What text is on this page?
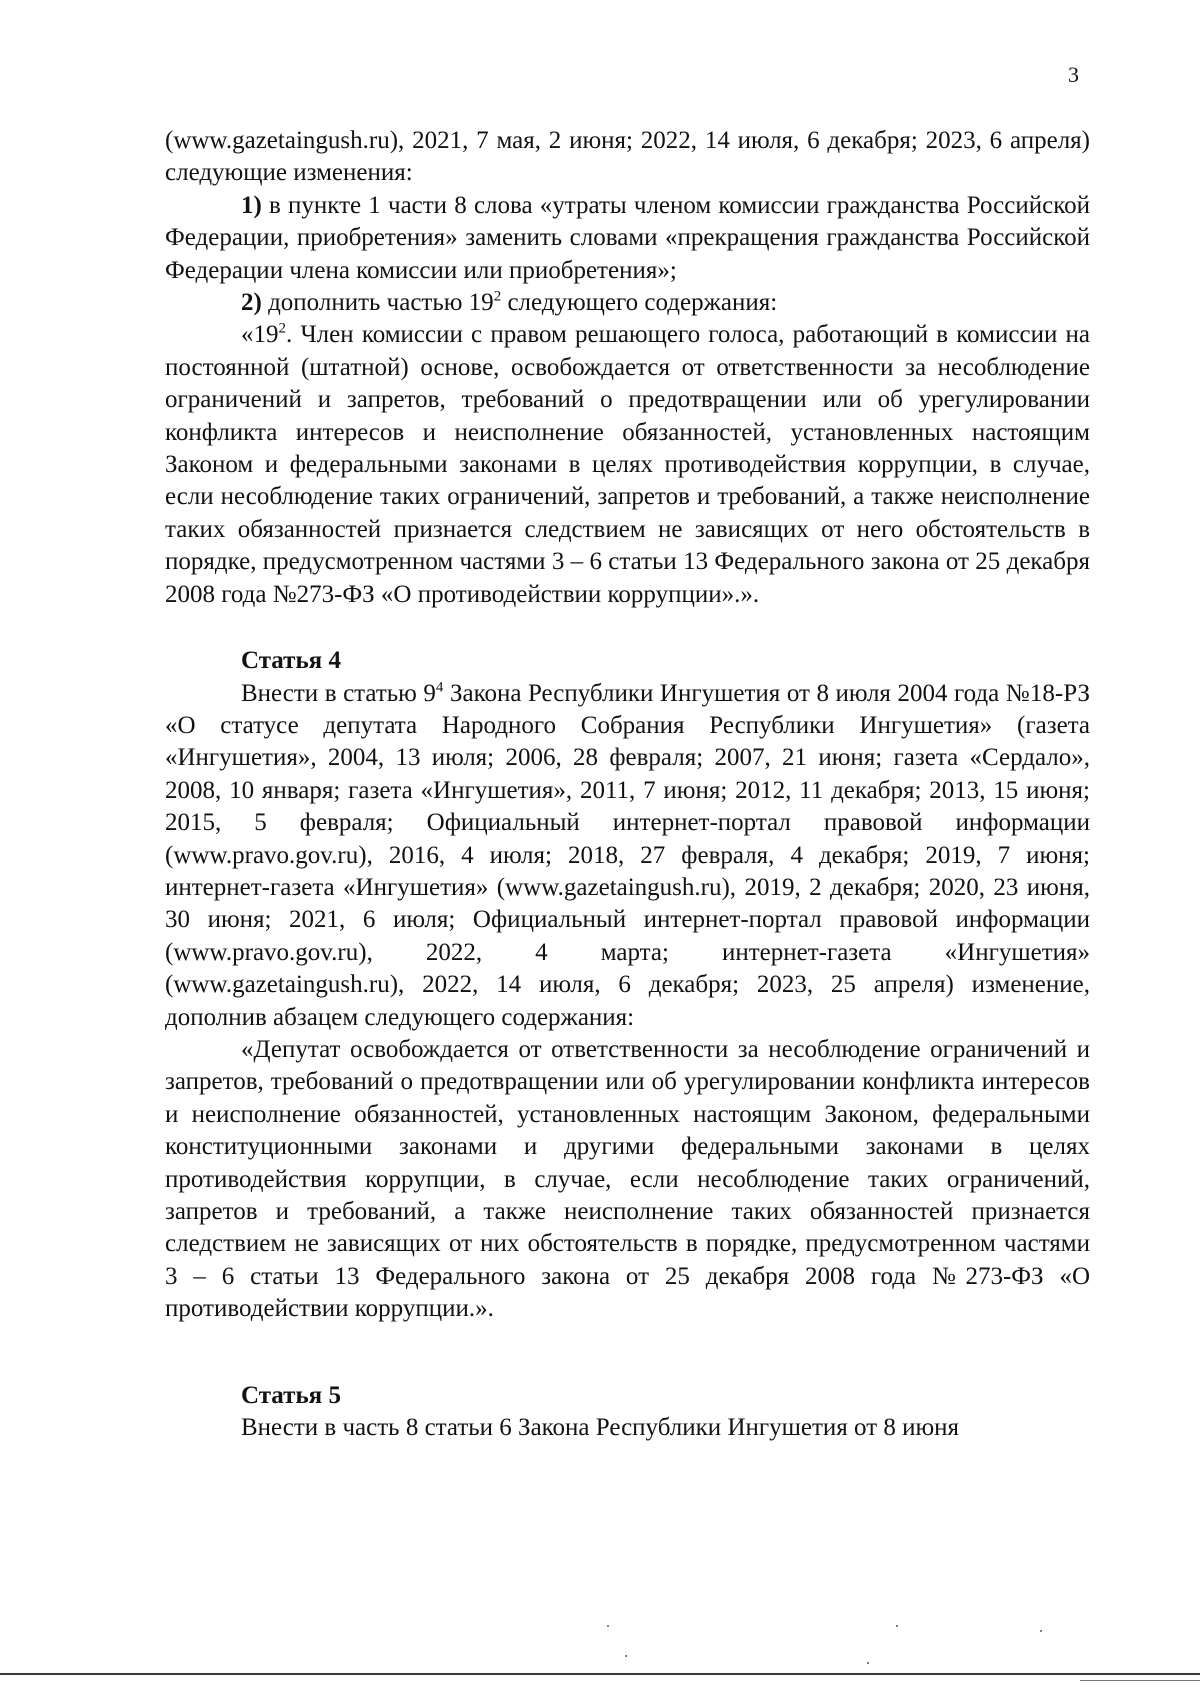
3

(www.gazetaingush.ru), 2021, 7 мая, 2 июня; 2022, 14 июля, 6 декабря; 2023, 6 апреля) следующие изменения:

1) в пункте 1 части 8 слова «утраты членом комиссии гражданства Российской Федерации, приобретения» заменить словами «прекращения гражданства Российской Федерации члена комиссии или приобретения»;

2) дополнить частью $19^2$ следующего содержания:

«$19^2$. Член комиссии с правом решающего голоса, работающий в комиссии на постоянной (штатной) основе, освобождается от ответственности за несоблюдение ограничений и запретов, требований о предотвращении или об урегулировании конфликта интересов и неисполнение обязанностей, установленных настоящим Законом и федеральными законами в целях противодействия коррупции, в случае, если несоблюдение таких ограничений, запретов и требований, а также неисполнение таких обязанностей признается следствием не зависящих от него обстоятельств в порядке, предусмотренном частями 3 – 6 статьи 13 Федерального закона от 25 декабря 2008 года №273-ФЗ «О противодействии коррупции».».

Статья 4

Внести в статью $9^4$ Закона Республики Ингушетия от 8 июля 2004 года №18-РЗ «О статусе депутата Народного Собрания Республики Ингушетия» (газета «Ингушетия», 2004, 13 июля; 2006, 28 февраля; 2007, 21 июня; газета «Сердало», 2008, 10 января; газета «Ингушетия», 2011, 7 июня; 2012, 11 декабря; 2013, 15 июня; 2015, 5 февраля; Официальный интернет-портал правовой информации (www.pravo.gov.ru), 2016, 4 июля; 2018, 27 февраля, 4 декабря; 2019, 7 июня; интернет-газета «Ингушетия» (www.gazetaingush.ru), 2019, 2 декабря; 2020, 23 июня, 30 июня; 2021, 6 июля; Официальный интернет-портал правовой информации (www.pravo.gov.ru), 2022, 4 марта; интернет-газета «Ингушетия» (www.gazetaingush.ru), 2022, 14 июля, 6 декабря; 2023, 25 апреля) изменение, дополнив абзацем следующего содержания:

«Депутат освобождается от ответственности за несоблюдение ограничений и запретов, требований о предотвращении или об урегулировании конфликта интересов и неисполнение обязанностей, установленных настоящим Законом, федеральными конституционными законами и другими федеральными законами в целях противодействия коррупции, в случае, если несоблюдение таких ограничений, запретов и требований, а также неисполнение таких обязанностей признается следствием не зависящих от них обстоятельств в порядке, предусмотренном частями 3 – 6 статьи 13 Федерального закона от 25 декабря 2008 года №273-ФЗ «О противодействии коррупции.».

Статья 5

Внести в часть 8 статьи 6 Закона Республики Ингушетия от 8 июня
